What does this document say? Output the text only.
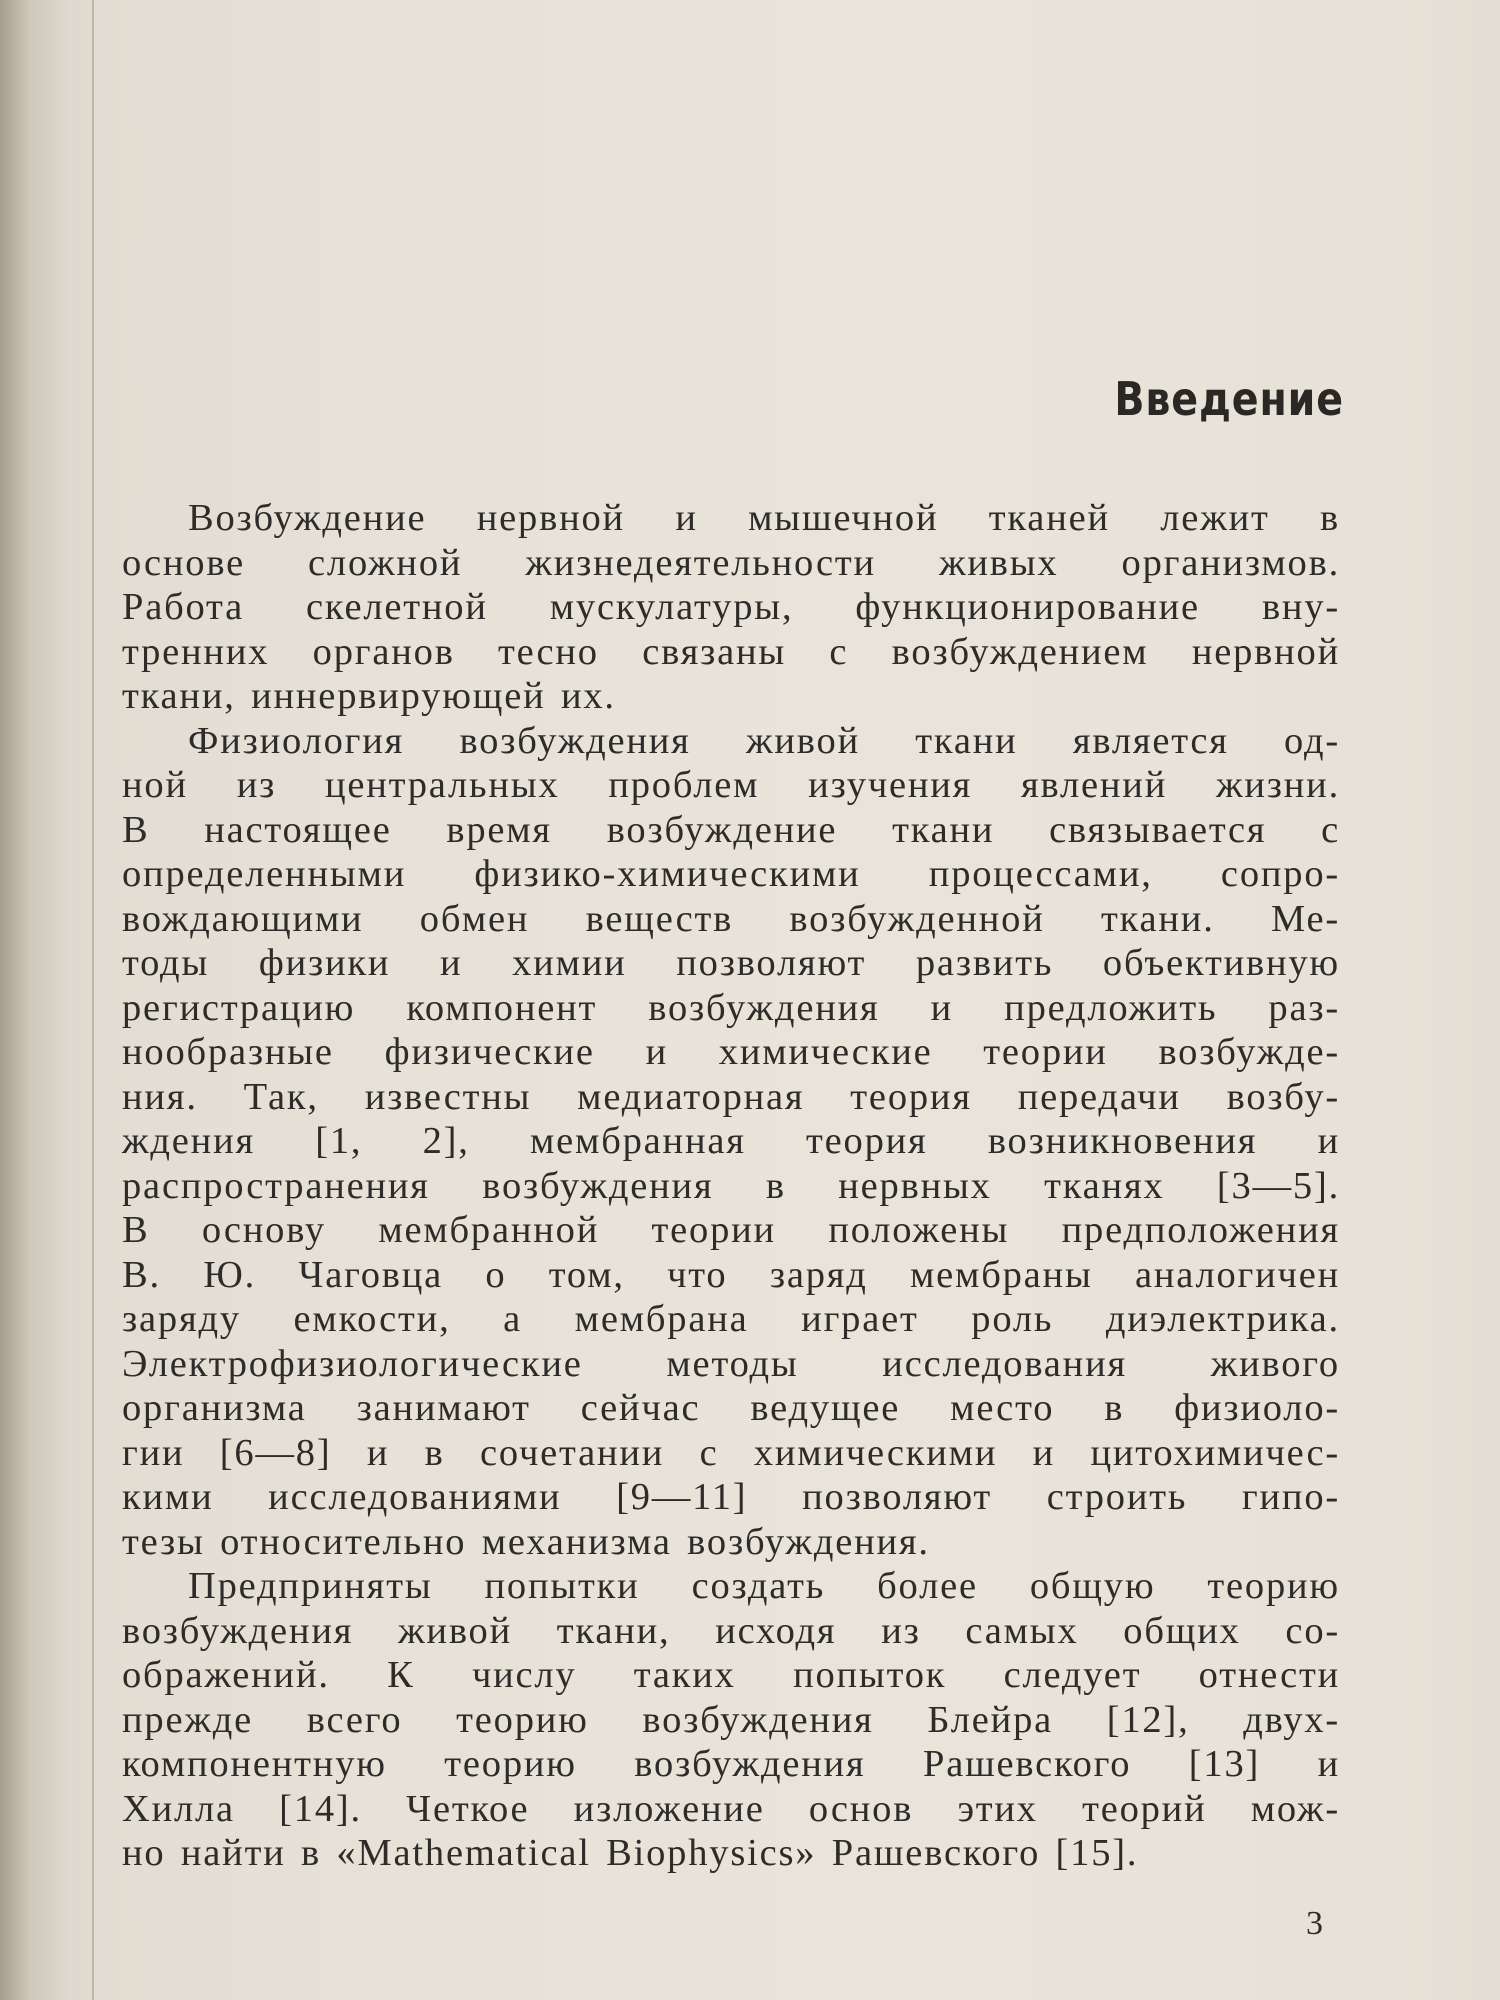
Введение
Возбуждение нервной и мышечной тканей лежит в
основе сложной жизнедеятельности живых организмов.
Работа скелетной мускулатуры, функционирование вну-
тренних органов тесно связаны с возбуждением нервной
ткани, иннервирующей их.
Физиология возбуждения живой ткани является од-
ной из центральных проблем изучения явлений жизни.
В настоящее время возбуждение ткани связывается с
определенными физико-химическими процессами, сопро-
вождающими обмен веществ возбужденной ткани. Ме-
тоды физики и химии позволяют развить объективную
регистрацию компонент возбуждения и предложить раз-
нообразные физические и химические теории возбужде-
ния. Так, известны медиаторная теория передачи возбу-
ждения [1, 2], мембранная теория возникновения и
распространения возбуждения в нервных тканях [3—5].
В основу мембранной теории положены предположения
В. Ю. Чаговца о том, что заряд мембраны аналогичен
заряду емкости, а мембрана играет роль диэлектрика.
Электрофизиологические методы исследования живого
организма занимают сейчас ведущее место в физиоло-
гии [6—8] и в сочетании с химическими и цитохимичес-
кими исследованиями [9—11] позволяют строить гипо-
тезы относительно механизма возбуждения.
Предприняты попытки создать более общую теорию
возбуждения живой ткани, исходя из самых общих со-
ображений. К числу таких попыток следует отнести
прежде всего теорию возбуждения Блейра [12], двух-
компонентную теорию возбуждения Рашевского [13] и
Хилла [14]. Четкое изложение основ этих теорий мож-
но найти в «Mathematical Biophysics» Рашевского [15].
3
